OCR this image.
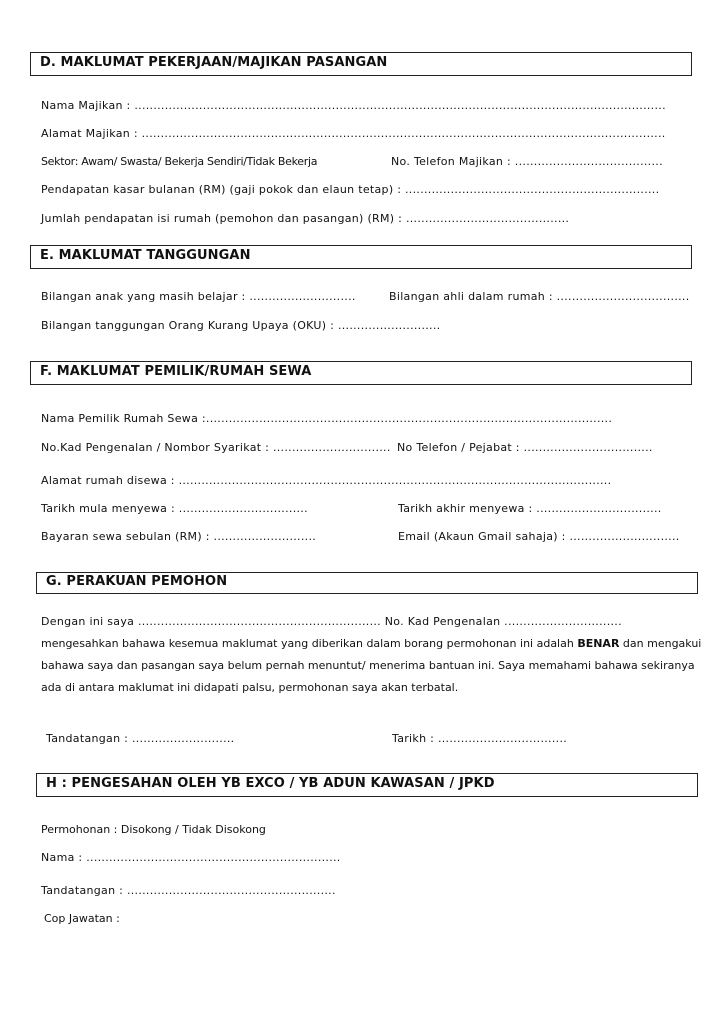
D. MAKLUMAT PEKERJAAN/MAJIKAN PASANGAN
Nama Majikan : ............................................................................................................................................
Alamat Majikan : ..........................................................................................................................................
Sektor: Awam/ Swasta/ Bekerja Sendiri/Tidak Bekerja	No. Telefon Majikan : .......................................
Pendapatan kasar bulanan (RM) (gaji pokok dan elaun tetap) : ...................................................................
Jumlah pendapatan isi rumah (pemohon dan pasangan) (RM) : ...........................................
E. MAKLUMAT TANGGUNGAN
Bilangan anak yang masih belajar : ............................	Bilangan ahli dalam rumah : ...................................
Bilangan tanggungan Orang Kurang Upaya (OKU) : ...........................
F. MAKLUMAT PEMILIK/RUMAH SEWA
Nama Pemilik Rumah Sewa :...........................................................................................................
No.Kad Pengenalan / Nombor Syarikat : ............................... No Telefon / Pejabat : ..................................
Alamat rumah disewa : ..................................................................................................................
Tarikh mula menyewa : ..................................	Tarikh akhir menyewa : .................................
Bayaran sewa sebulan (RM) : ...........................	Email (Akaun Gmail sahaja) : .............................
G. PERAKUAN PEMOHON
Dengan ini saya ................................................................ No. Kad Pengenalan ...............................
mengesahkan bahawa kesemua maklumat yang diberikan dalam borang permohonan ini adalah BENAR dan mengakui
bahawa saya dan pasangan saya belum pernah menuntut/ menerima bantuan ini. Saya memahami bahawa sekiranya
ada di antara maklumat ini didapati palsu, permohonan saya akan terbatal.
Tandatangan : ...........................	Tarikh : ..................................
H : PENGESAHAN OLEH YB EXCO / YB ADUN KAWASAN / JPKD
Permohonan : Disokong / Tidak Disokong
Nama : ...................................................................
Tandatangan : .......................................................
Cop Jawatan :
